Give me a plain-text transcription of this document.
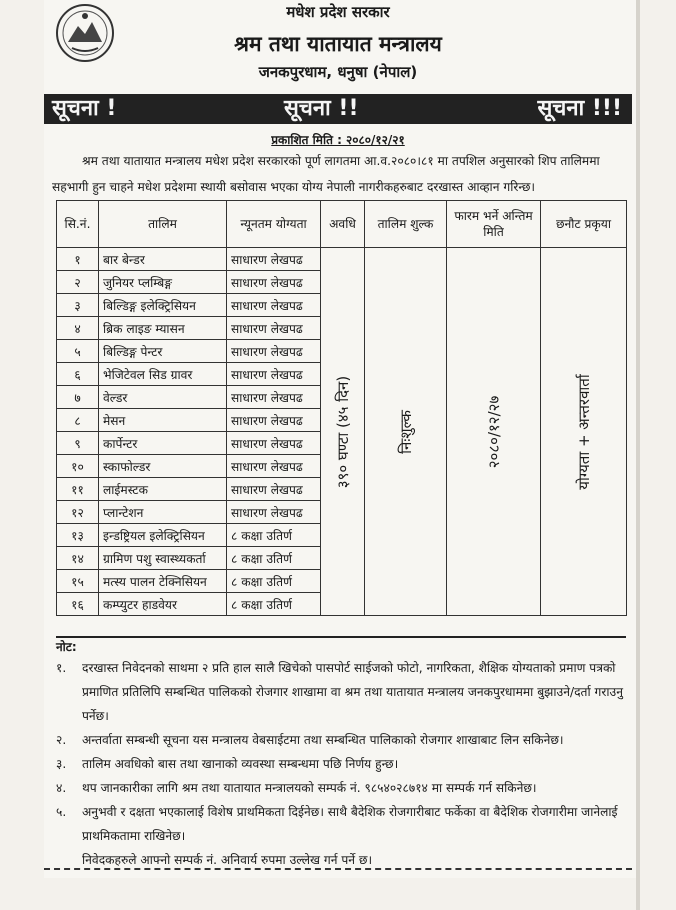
मधेश प्रदेश सरकार
श्रम तथा यातायात मन्त्रालय
जनकपुरधाम, धनुषा (नेपाल)
सूचना !	सूचना !!	सूचना !!!
प्रकाशित मिति : २०८०/१२/२१
श्रम तथा यातायात मन्त्रालय मधेश प्रदेश सरकारको पूर्ण लागतमा आ.व.२०८०।८१ मा तपशिल अनुसारको शिप तालिममा सहभागी हुन चाहने मधेश प्रदेशमा स्थायी बसोवास भएका योग्य नेपाली नागरीकहरुबाट दरखास्त आव्हान गरिन्छ।
सि.नं.	तालिम	न्यूनतम योग्यता	अवधि	तालिम शुल्क	फारम भर्ने अन्तिम मिति	छनौट प्रकृया
१	बार बेन्डर	साधारण लेखपढ	३९० घण्टा (४५ दिन)	निःशुल्क	२०८०/१२/२७	योग्यता + अन्तरवार्ता

२	जुनियर प्लम्बिङ्ग	साधारण लेखपढ				
३	बिल्डिङ्ग इलेक्ट्रिसियन	साधारण लेखपढ				
४	ब्रिक लाइङ म्यासन	साधारण लेखपढ				
५	बिल्डिङ्ग पेन्टर	साधारण लेखपढ				
६	भेजिटेवल सिड ग्रावर	साधारण लेखपढ				
७	वेल्डर	साधारण लेखपढ				
८	मेसन	साधारण लेखपढ				
९	कार्पेन्टर	साधारण लेखपढ				
१०	स्काफोल्डर	साधारण लेखपढ				
११	लाईमस्टक	साधारण लेखपढ				
१२	प्लान्टेशन	साधारण लेखपढ				
१३	इन्डष्ट्रियल इलेक्ट्रिसियन	८ कक्षा उतिर्ण				
१४	ग्रामिण पशु स्वास्थ्यकर्ता	८ कक्षा उतिर्ण				
१५	मत्स्य पालन टेक्निसियन	८ कक्षा उतिर्ण				
१६	कम्प्युटर हाडवेयर	८ कक्षा उतिर्ण				
नोट:
१. दरखास्त निवेदनको साथमा २ प्रति हाल सालै खिचेको पासपोर्ट साईजको फोटो, नागरिकता, शैक्षिक योग्यताको प्रमाण पत्रको प्रमाणित प्रतिलिपि सम्बन्धित पालिकको रोजगार शाखामा वा श्रम तथा यातायात मन्त्रालय जनकपुरधाममा बुझाउने/दर्ता गराउनु पर्नेछ।
२. अन्तर्वाता सम्बन्धी सूचना यस मन्त्रालय वेबसाईटमा तथा सम्बन्धित पालिकाको रोजगार शाखाबाट लिन सकिनेछ।
३. तालिम अवधिको बास तथा खानाको व्यवस्था सम्बन्धमा पछि निर्णय हुन्छ।
४. थप जानकारीका लागि श्रम तथा यातायात मन्त्रालयको सम्पर्क नं. ९८५४०२८७१४ मा सम्पर्क गर्न सकिनेछ।
५. अनुभवी र दक्षता भएकालाई विशेष प्राथमिकता दिईनेछ। साथै बैदेशिक रोजगारीबाट फर्केका वा बैदेशिक रोजगारीमा जानेलाई प्राथमिकतामा राखिनेछ।
निवेदकहरुले आफ्नो सम्पर्क नं. अनिवार्य रुपमा उल्लेख गर्न पर्ने छ।
